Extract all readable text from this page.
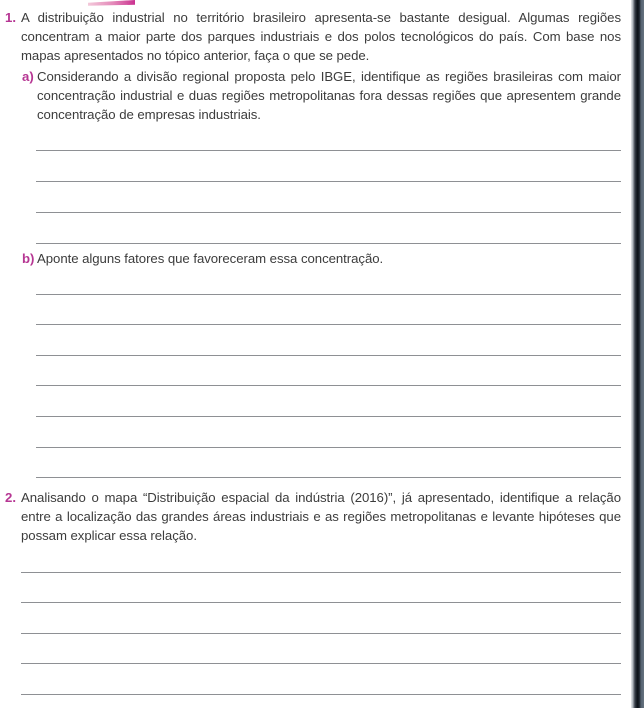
1. A distribuição industrial no território brasileiro apresenta-se bastante desigual. Algumas regiões concentram a maior parte dos parques industriais e dos polos tecnológicos do país. Com base nos mapas apresentados no tópico anterior, faça o que se pede.
a) Considerando a divisão regional proposta pelo IBGE, identifique as regiões brasileiras com maior concentração industrial e duas regiões metropolitanas fora dessas regiões que apresentem grande concentração de empresas industriais.
b) Aponte alguns fatores que favoreceram essa concentração.
2. Analisando o mapa “Distribuição espacial da indústria (2016)”, já apresentado, identifique a relação entre a localização das grandes áreas industriais e as regiões metropolitanas e levante hipóteses que possam explicar essa relação.
